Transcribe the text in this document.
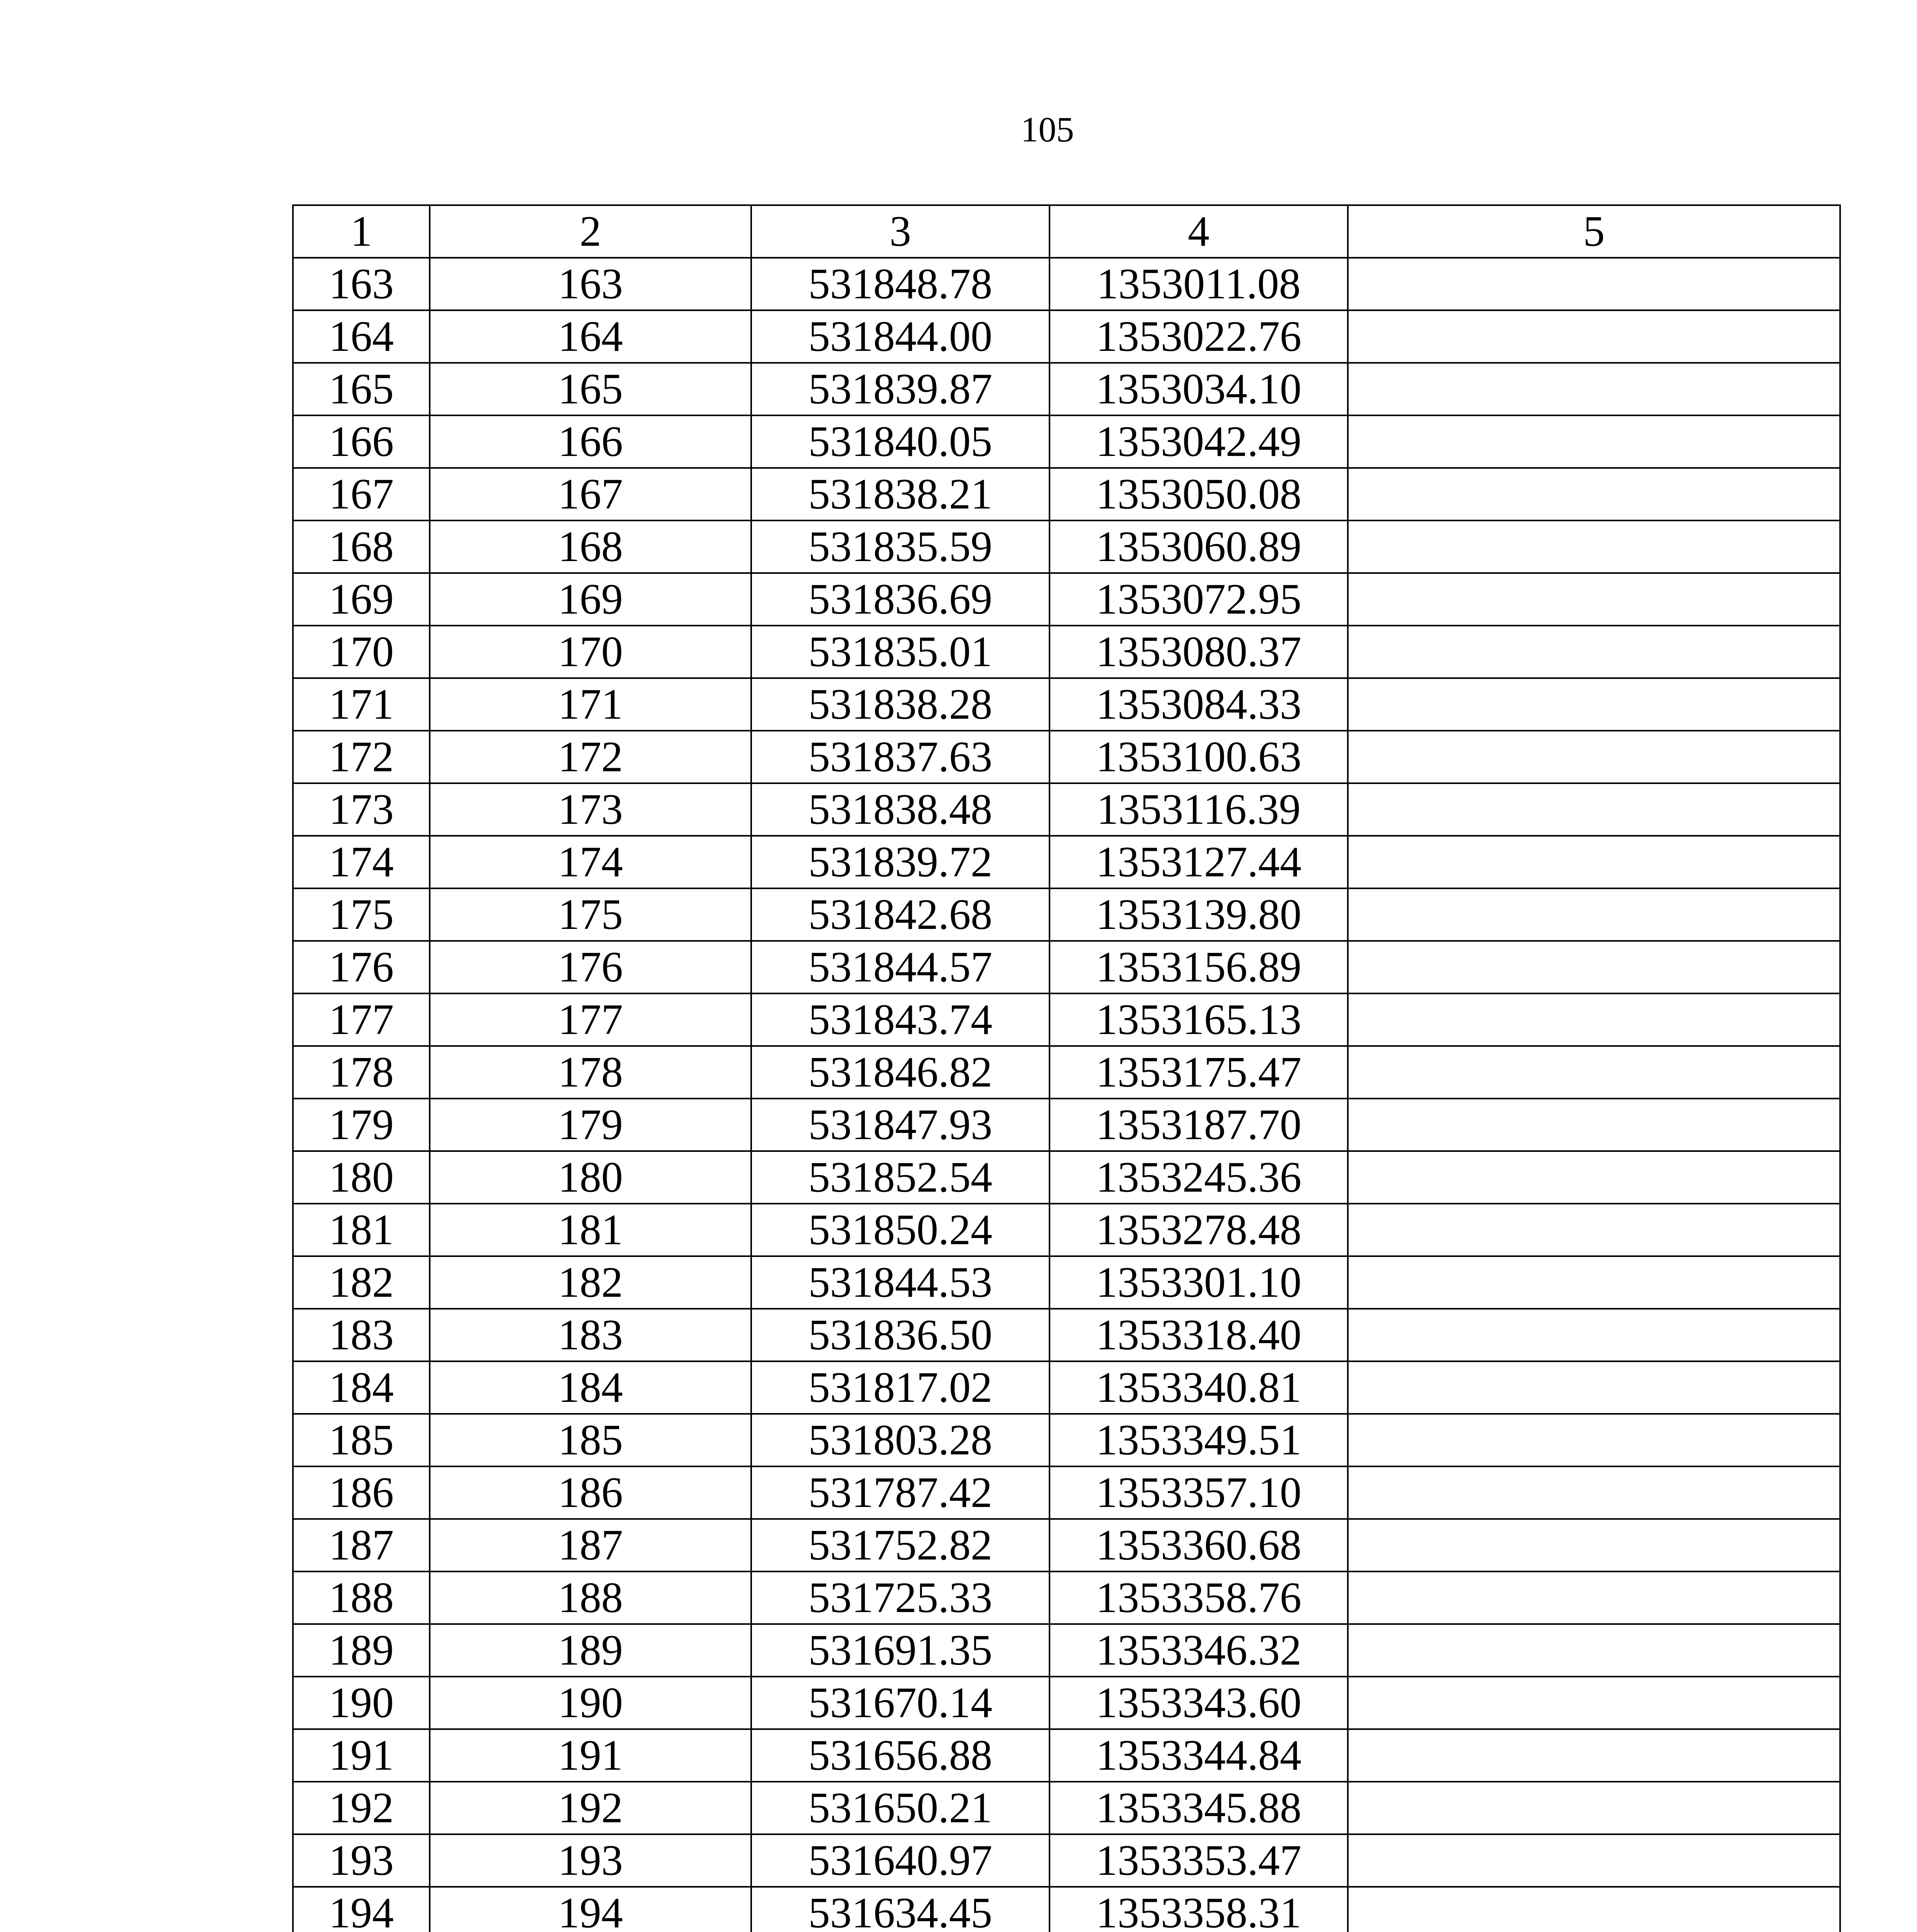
105
1	2	3	4	5
163	163	531848.78	1353011.08	
164	164	531844.00	1353022.76	
165	165	531839.87	1353034.10	
166	166	531840.05	1353042.49	
167	167	531838.21	1353050.08	
168	168	531835.59	1353060.89	
169	169	531836.69	1353072.95	
170	170	531835.01	1353080.37	
171	171	531838.28	1353084.33	
172	172	531837.63	1353100.63	
173	173	531838.48	1353116.39	
174	174	531839.72	1353127.44	
175	175	531842.68	1353139.80	
176	176	531844.57	1353156.89	
177	177	531843.74	1353165.13	
178	178	531846.82	1353175.47	
179	179	531847.93	1353187.70	
180	180	531852.54	1353245.36	
181	181	531850.24	1353278.48	
182	182	531844.53	1353301.10	
183	183	531836.50	1353318.40	
184	184	531817.02	1353340.81	
185	185	531803.28	1353349.51	
186	186	531787.42	1353357.10	
187	187	531752.82	1353360.68	
188	188	531725.33	1353358.76	
189	189	531691.35	1353346.32	
190	190	531670.14	1353343.60	
191	191	531656.88	1353344.84	
192	192	531650.21	1353345.88	
193	193	531640.97	1353353.47	
194	194	531634.45	1353358.31	
